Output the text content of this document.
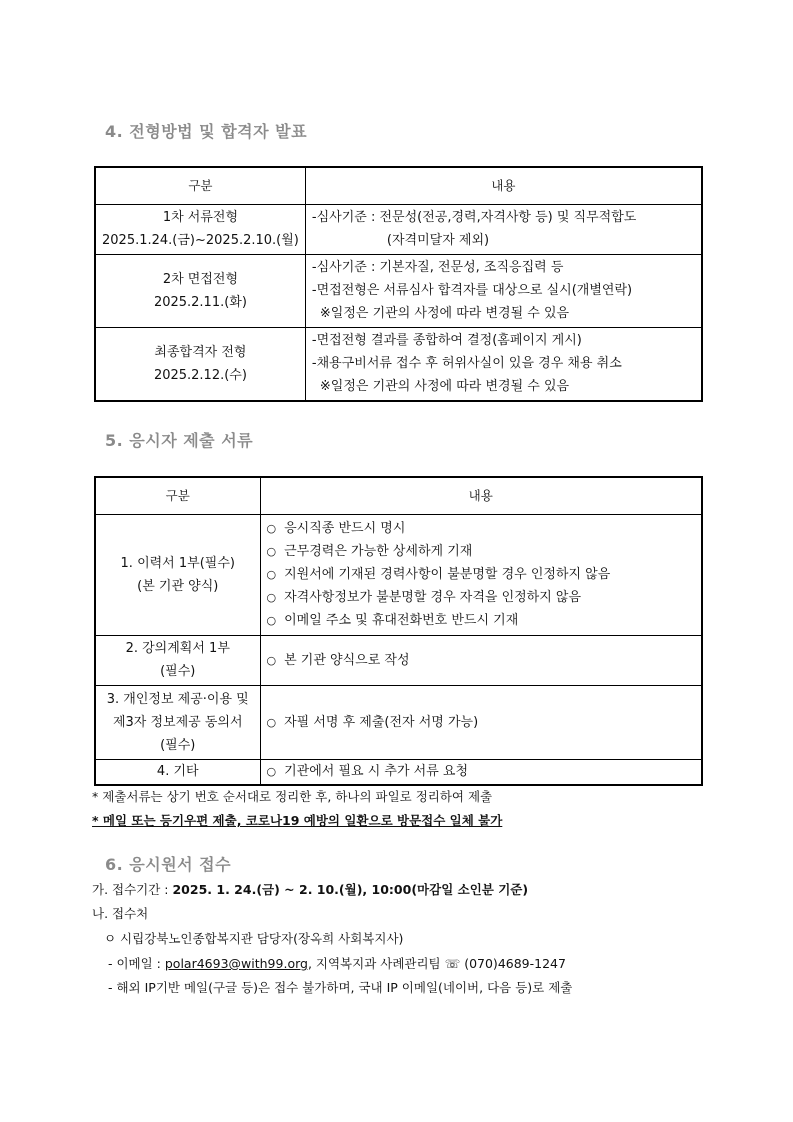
4. 전형방법 및 합격자 발표
구분	내용

1차 서류전형
2025.1.24.(금)~2025.2.10.(월)	-심사기준 : 전문성(전공,경력,자격사항 등) 및 직무적합도
(자격미달자 제외)

2차 면접전형
2025.2.11.(화)	-심사기준 : 기본자질, 전문성, 조직응집력 등
-면접전형은 서류심사 합격자를 대상으로 실시(개별연락)
※일정은 기관의 사정에 따라 변경될 수 있음

최종합격자 전형
2025.2.12.(수)	-면접전형 결과를 종합하여 결정(홈페이지 게시)
-채용구비서류 접수 후 허위사실이 있을 경우 채용 취소
※일정은 기관의 사정에 따라 변경될 수 있음
5. 응시자 제출 서류
구분	내용

1. 이력서 1부(필수)
(본 기관 양식)	○ 응시직종 반드시 명시
○ 근무경력은 가능한 상세하게 기재
○ 지원서에 기재된 경력사항이 불분명할 경우 인정하지 않음
○ 자격사항정보가 불분명할 경우 자격을 인정하지 않음
○ 이메일 주소 및 휴대전화번호 반드시 기재

2. 강의계획서 1부
(필수)	○ 본 기관 양식으로 작성

3. 개인정보 제공·이용 및
제3자 정보제공 동의서
(필수)	○ 자필 서명 후 제출(전자 서명 가능)

4. 기타	○ 기관에서 필요 시 추가 서류 요청
* 제출서류는 상기 번호 순서대로 정리한 후, 하나의 파일로 정리하여 제출
* 메일 또는 등기우편 제출, 코로나19 예방의 일환으로 방문접수 일체 불가
6. 응시원서 접수
가. 접수기간 : 2025. 1. 24.(금) ~ 2. 10.(월), 10:00(마감일 소인분 기준)
나. 접수처
ㅇ 시립강북노인종합복지관 담당자(장옥희 사회복지사)
- 이메일 : polar4693@with99.org, 지역복지과 사례관리팀 ☏ (070)4689-1247
- 해외 IP기반 메일(구글 등)은 접수 불가하며, 국내 IP 이메일(네이버, 다음 등)로 제출
